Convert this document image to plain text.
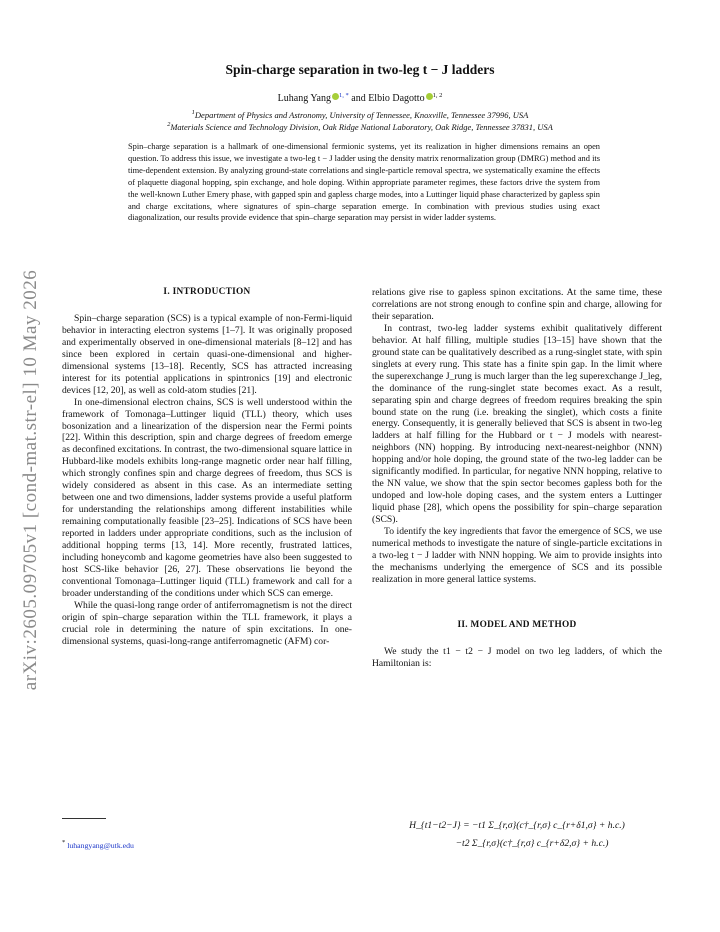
arXiv:2605.09705v1 [cond-mat.str-el] 10 May 2026
Spin-charge separation in two-leg t − J ladders
Luhang Yang $^{1, *}$ and Elbio Dagotto $^{1, 2}$
$^1$Department of Physics and Astronomy, University of Tennessee, Knoxville, Tennessee 37996, USA
$^2$Materials Science and Technology Division, Oak Ridge National Laboratory, Oak Ridge, Tennessee 37831, USA
Spin–charge separation is a hallmark of one-dimensional fermionic systems, yet its realization in higher dimensions remains an open question. To address this issue, we investigate a two-leg t − J ladder using the density matrix renormalization group (DMRG) method and its time-dependent extension. By analyzing ground-state correlations and single-particle removal spectra, we systematically examine the effects of plaquette diagonal hopping, spin exchange, and hole doping. Within appropriate parameter regimes, these factors drive the system from the well-known Luther Emery phase, with gapped spin and gapless charge modes, into a Luttinger liquid phase characterized by gapless spin and charge excitations, where signatures of spin–charge separation emerge. In combination with previous studies using exact diagonalization, our results provide evidence that spin–charge separation may persist in wider ladder systems.

I. INTRODUCTION

Spin–charge separation (SCS) is a typical example of non-Fermi-liquid behavior in interacting electron systems [1–7]. It was originally proposed and experimentally observed in one-dimensional materials [8–12] and has since been explored in certain quasi-one-dimensional and higher-dimensional systems [13–18]. Recently, SCS has attracted increasing interest for its potential applications in spintronics [19] and electronic devices [12, 20], as well as cold-atom studies [21].

In one-dimensional electron chains, SCS is well understood within the framework of Tomonaga–Luttinger liquid (TLL) theory, which uses bosonization and a linearization of the dispersion near the Fermi points [22]. Within this description, spin and charge degrees of freedom emerge as deconfined excitations. In contrast, the two-dimensional square lattice in Hubbard-like models exhibits long-range magnetic order near half filling, which strongly confines spin and charge degrees of freedom, thus SCS is widely considered as absent in this case. As an intermediate setting between one and two dimensions, ladder systems provide a useful platform for understanding the relationships among different instabilities while remaining computationally feasible [23–25]. Indications of SCS have been reported in ladders under appropriate conditions, such as the inclusion of additional hopping terms [13, 14]. More recently, frustrated lattices, including honeycomb and kagome geometries have also been suggested to host SCS-like behavior [26, 27]. These observations lie beyond the conventional Tomonaga–Luttinger liquid (TLL) framework and call for a broader understanding of the conditions under which SCS can emerge.

While the quasi-long range order of antiferromagnetism is not the direct origin of spin–charge separation within the TLL framework, it plays a crucial role in determining the nature of spin excitations. In one-dimensional systems, quasi-long-range antiferromagnetic (AFM) cor-

relations give rise to gapless spinon excitations. At the same time, these correlations are not strong enough to confine spin and charge, allowing for their separation.

In contrast, two-leg ladder systems exhibit qualitatively different behavior. At half filling, multiple studies [13–15] have shown that the ground state can be qualitatively described as a rung-singlet state, with spin singlets at every rung. This state has a finite spin gap. In the limit where the superexchange J_rung is much larger than the leg superexchange J_leg, the dominance of the rung-singlet state becomes exact. As a result, separating spin and charge degrees of freedom requires breaking the spin bound state on the rung (i.e. breaking the singlet), which costs a finite energy. Consequently, it is generally believed that SCS is absent in two-leg ladders at half filling for the Hubbard or t − J models with nearest-neighbors (NN) hopping. By introducing next-nearest-neighbor (NNN) hopping and/or hole doping, the ground state of the two-leg ladder can be significantly modified. In particular, for negative NNN hopping, relative to the NN value, we show that the spin sector becomes gapless both for the undoped and low-hole doping cases, and the system enters a Luttinger liquid phase [28], which opens the possibility for spin–charge separation (SCS).

To identify the key ingredients that favor the emergence of SCS, we use numerical methods to investigate the nature of single-particle excitations in a two-leg t − J ladder with NNN hopping. We aim to provide insights into the mechanisms underlying the emergence of SCS and its possible realization in more general lattice systems.

II. MODEL AND METHOD

We study the t1 − t2 − J model on two leg ladders, of which the Hamiltonian is:

H_{t1−t2−J} = −t1 Σ_{r,σ}(c†_{r,σ} c_{r+δ1,σ} + h.c.)
−t2 Σ_{r,σ}(c†_{r,σ} c_{r+δ2,σ} + h.c.)
* luhangyang@utk.edu
